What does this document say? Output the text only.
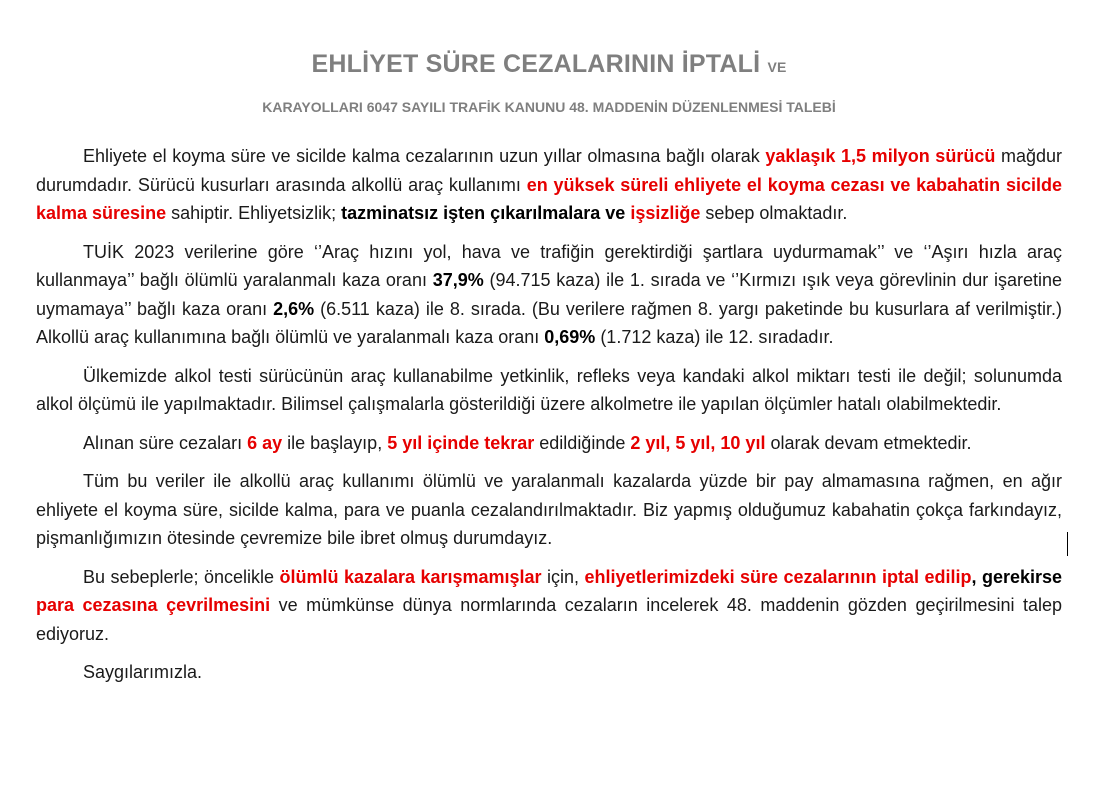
EHLİYET SÜRE CEZALARININ İPTALİ VE
KARAYOLLARI 6047 SAYILI TRAFİK KANUNU 48. MADDENİN DÜZENLENMESİ TALEBİ

Ehliyete el koyma süre ve sicilde kalma cezalarının uzun yıllar olmasına bağlı olarak yaklaşık 1,5 milyon sürücü mağdur durumdadır. Sürücü kusurları arasında alkollü araç kullanımı en yüksek süreli ehliyete el koyma cezası ve kabahatin sicilde kalma süresine sahiptir. Ehliyetsizlik; tazminatsız işten çıkarılmalara ve işsizliğe sebep olmaktadır.

TUİK 2023 verilerine göre ‘’Araç hızını yol, hava ve trafiğin gerektirdiği şartlara uydurmamak’’ ve ‘’Aşırı hızla araç kullanmaya’’ bağlı ölümlü yaralanmalı kaza oranı 37,9% (94.715 kaza) ile 1. sırada ve ‘’Kırmızı ışık veya görevlinin dur işaretine uymamaya’’ bağlı kaza oranı 2,6% (6.511 kaza) ile 8. sırada. (Bu verilere rağmen 8. yargı paketinde bu kusurlara af verilmiştir.) Alkollü araç kullanımına bağlı ölümlü ve yaralanmalı kaza oranı 0,69% (1.712 kaza) ile 12. sıradadır.

Ülkemizde alkol testi sürücünün araç kullanabilme yetkinlik, refleks veya kandaki alkol miktarı testi ile değil; solunumda alkol ölçümü ile yapılmaktadır. Bilimsel çalışmalarla gösterildiği üzere alkolmetre ile yapılan ölçümler hatalı olabilmektedir.

Alınan süre cezaları 6 ay ile başlayıp, 5 yıl içinde tekrar edildiğinde 2 yıl, 5 yıl, 10 yıl olarak devam etmektedir.

Tüm bu veriler ile alkollü araç kullanımı ölümlü ve yaralanmalı kazalarda yüzde bir pay almamasına rağmen, en ağır ehliyete el koyma süre, sicilde kalma, para ve puanla cezalandırılmaktadır. Biz yapmış olduğumuz kabahatin çokça farkındayız, pişmanlığımızın ötesinde çevremize bile ibret olmuş durumdayız.

Bu sebeplerle; öncelikle ölümlü kazalara karışmamışlar için, ehliyetlerimizdeki süre cezalarının iptal edilip, gerekirse para cezasına çevrilmesini ve mümkünse dünya normlarında cezaların incelerek 48. maddenin gözden geçirilmesini talep ediyoruz.

Saygılarımızla.
